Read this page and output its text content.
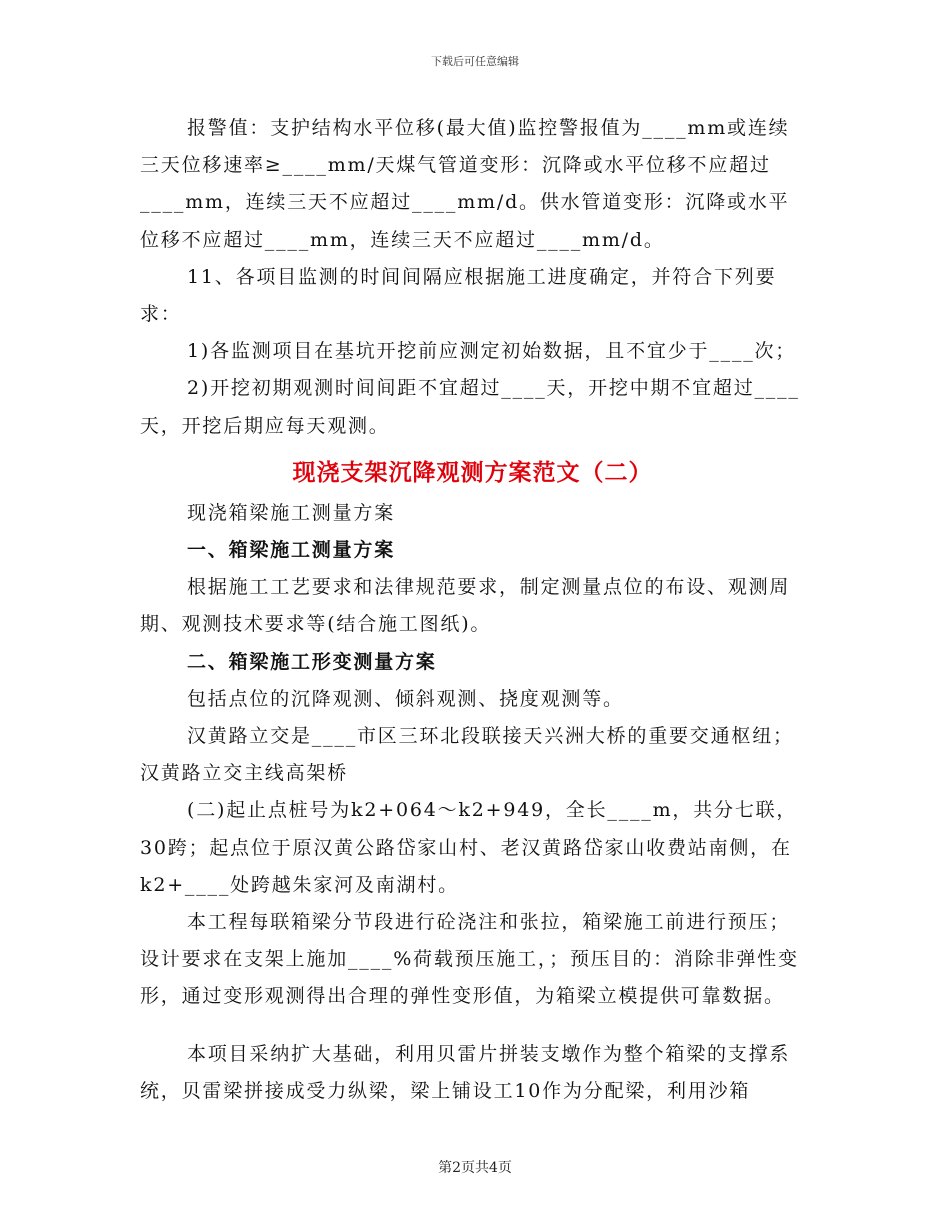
下载后可任意编辑

报警值：支护结构水平位移(最大值)监控警报值为____mm或连续三天位移速率≥____mm/天煤气管道变形：沉降或水平位移不应超过____mm，连续三天不应超过____mm/d。供水管道变形：沉降或水平位移不应超过____mm，连续三天不应超过____mm/d。

11、各项目监测的时间间隔应根据施工进度确定，并符合下列要求：

1)各监测项目在基坑开挖前应测定初始数据，且不宜少于____次；

2)开挖初期观测时间间距不宜超过____天，开挖中期不宜超过____天，开挖后期应每天观测。

现浇支架沉降观测方案范文（二）

现浇箱梁施工测量方案

一、箱梁施工测量方案

根据施工工艺要求和法律规范要求，制定测量点位的布设、观测周期、观测技术要求等(结合施工图纸)。

二、箱梁施工形变测量方案

包括点位的沉降观测、倾斜观测、挠度观测等。

汉黄路立交是____市区三环北段联接天兴洲大桥的重要交通枢纽；汉黄路立交主线高架桥

(二)起止点桩号为k2+064～k2+949，全长____m，共分七联，30跨；起点位于原汉黄公路岱家山村、老汉黄路岱家山收费站南侧，在k2+____处跨越朱家河及南湖村。

本工程每联箱梁分节段进行砼浇注和张拉，箱梁施工前进行预压；设计要求在支架上施加____%荷载预压施工，；预压目的：消除非弹性变形，通过变形观测得出合理的弹性变形值，为箱梁立模提供可靠数据。

本项目采纳扩大基础，利用贝雷片拼装支墩作为整个箱梁的支撑系统，贝雷梁拼接成受力纵梁，梁上铺设工10作为分配梁，利用沙箱

第2页共4页
